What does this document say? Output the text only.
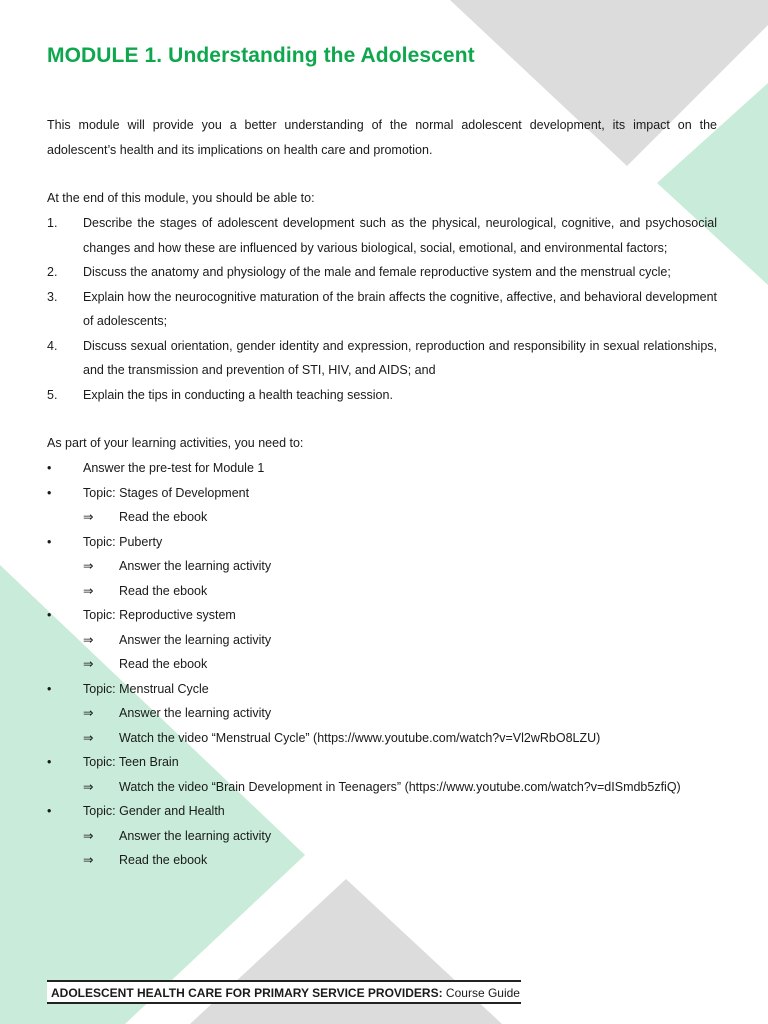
MODULE 1. Understanding the Adolescent

This module will provide you a better understanding of the normal adolescent development, its impact on the adolescent’s health and its implications on health care and promotion.

At the end of this module, you should be able to:

1. Describe the stages of adolescent development such as the physical, neurological, cognitive, and psychosocial changes and how these are influenced by various biological, social, emotional, and environmental factors;
2. Discuss the anatomy and physiology of the male and female reproductive system and the menstrual cycle;
3. Explain how the neurocognitive maturation of the brain affects the cognitive, affective, and behavioral development of adolescents;
4. Discuss sexual orientation, gender identity and expression, reproduction and responsibility in sexual relationships, and the transmission and prevention of STI, HIV, and AIDS; and
5. Explain the tips in conducting a health teaching session.

As part of your learning activities, you need to:

•	Answer the pre-test for Module 1
•	Topic: Stages of Development
⇒ Read the ebook
•	Topic: Puberty
⇒ Answer the learning activity
⇒ Read the ebook
•	Topic: Reproductive system
⇒ Answer the learning activity
⇒ Read the ebook
•	Topic: Menstrual Cycle
⇒ Answer the learning activity
⇒ Watch the video “Menstrual Cycle” (https://www.youtube.com/watch?v=Vl2wRbO8LZU)
•	Topic: Teen Brain
⇒ Watch the video “Brain Development in Teenagers” (https://www.youtube.com/watch?v=dISmdb5zfiQ)
•	Topic: Gender and Health
⇒ Answer the learning activity
⇒ Read the ebook
ADOLESCENT HEALTH CARE FOR PRIMARY SERVICE PROVIDERS: Course Guide
